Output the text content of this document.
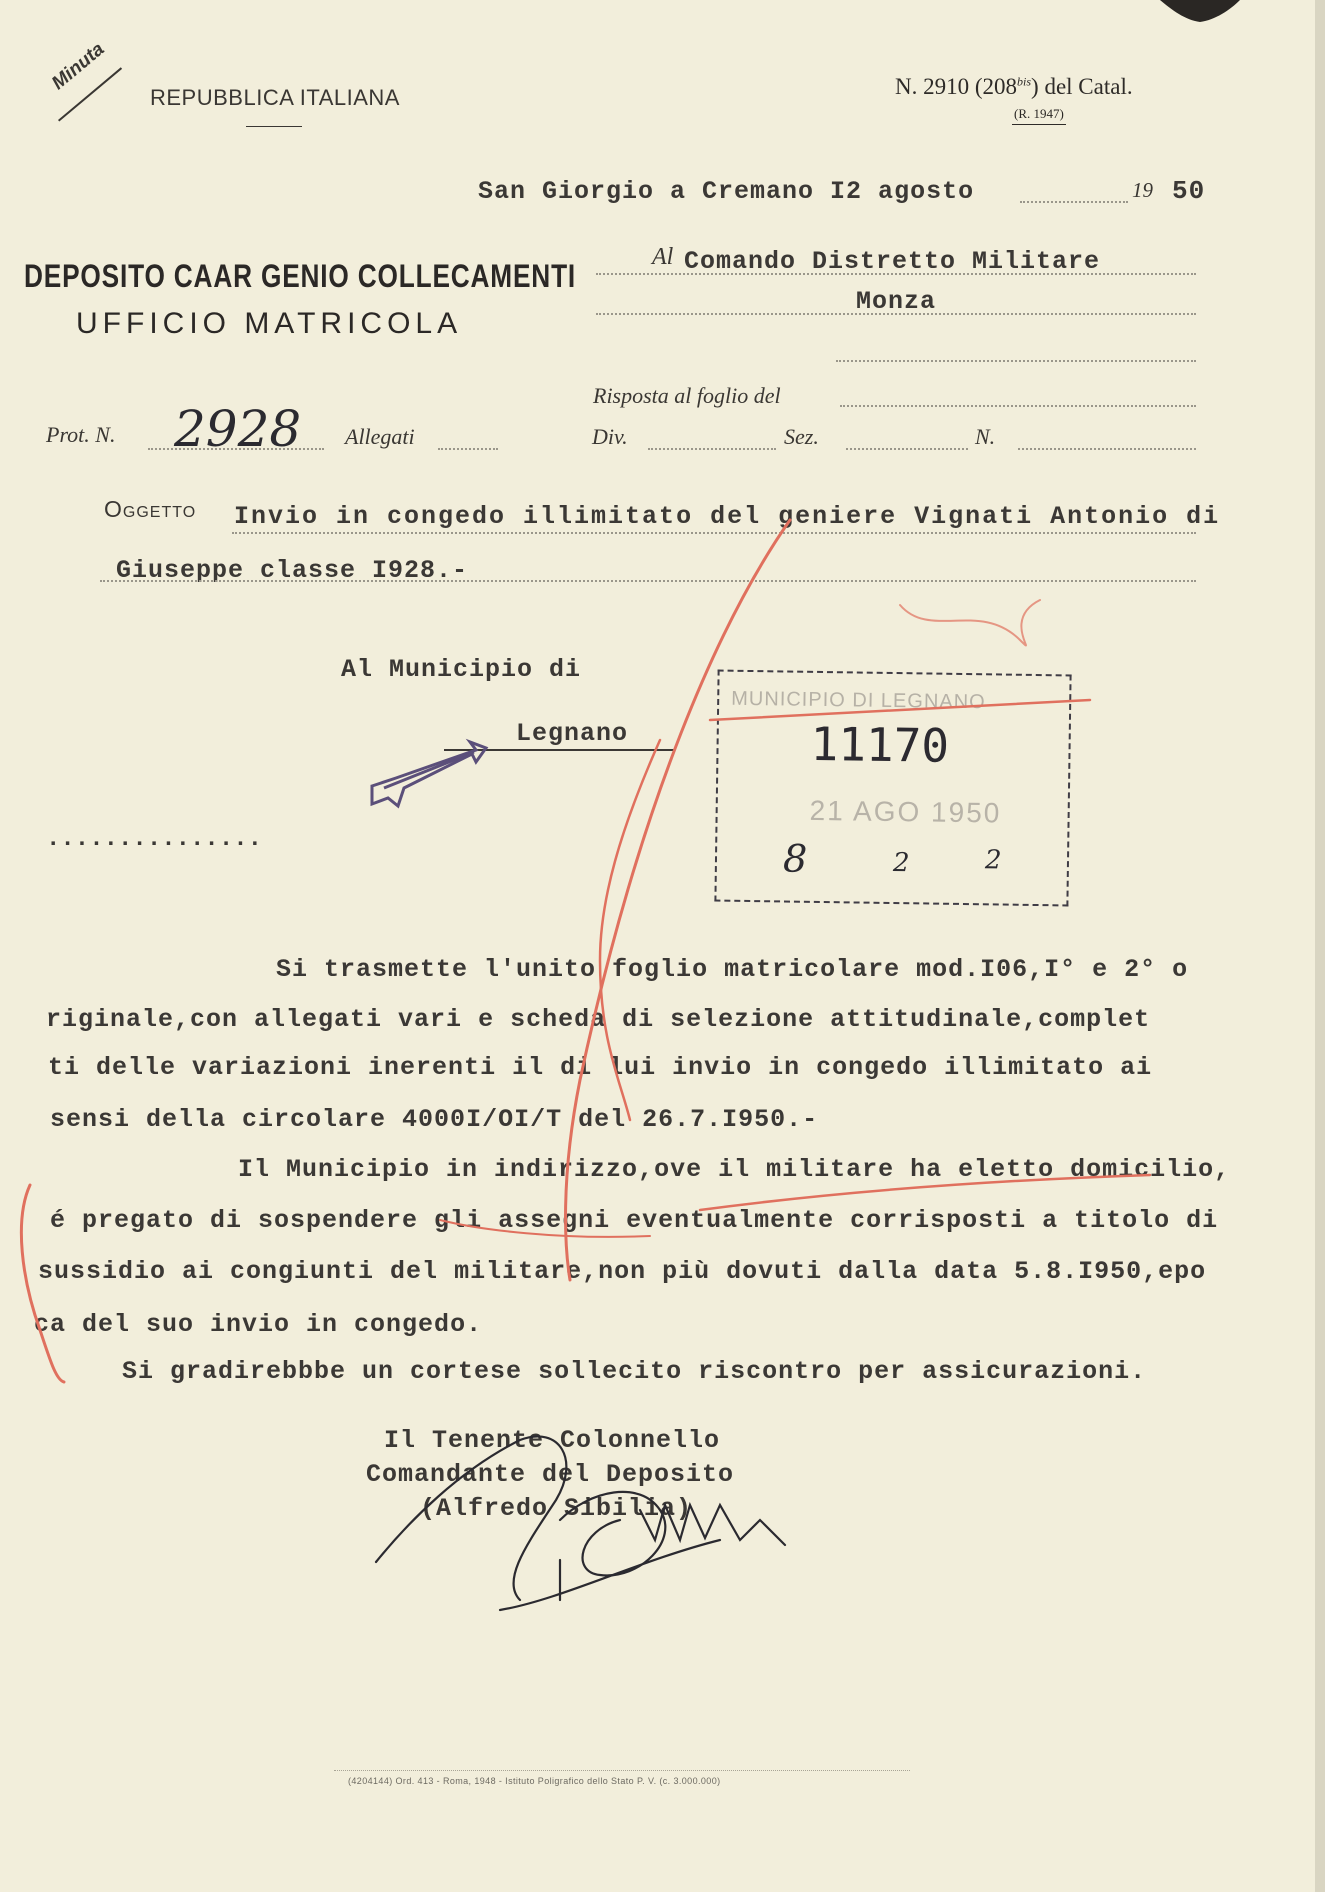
Minuta
REPUBBLICA ITALIANA	N. 2910 $(208^{bis})$ del Catal.
(R. 1947)
San Giorgio a Cremano I2 agosto	19 50
DEPOSITO CAAR GENIO COLLECAMENTI
UFFICIO MATRICOLA
Al Comando Distretto Militare
Monza
Risposta al foglio del
Prot. N. 2928 Allegati	Div.	Sez.	N.
Oggetto Invio in congedo illimitato del geniere Vignati Antonio di
Giuseppe classe I928.-
Al Municipio di
Legnano
...............
MUNICIPIO DI LEGNANO
11170
21 AGO 1950
8	2	2
Si trasmette l'unito foglio matricolare mod.I06,I° e 2° o
riginale,con allegati vari e scheda di selezione attitudinale,complet
ti delle variazioni inerenti il di lui invio in congedo illimitato ai
sensi della circolare 4000I/OI/T del 26.7.I950.-
Il Municipio in indirizzo,ove il militare ha eletto domicilio,
é pregato di sospendere gli assegni eventualmente corrisposti a titolo di
sussidio ai congiunti del militare,non più dovuti dalla data 5.8.I950,epo
ca del suo invio in congedo.
Si gradirebbbe un cortese sollecito riscontro per assicurazioni.
Il Tenente Colonnello
Comandante del Deposito
(Alfredo Sibilia)
(4204144) Ord. 413 - Roma, 1948 - Istituto Poligrafico dello Stato P. V. (c. 3.000.000)
